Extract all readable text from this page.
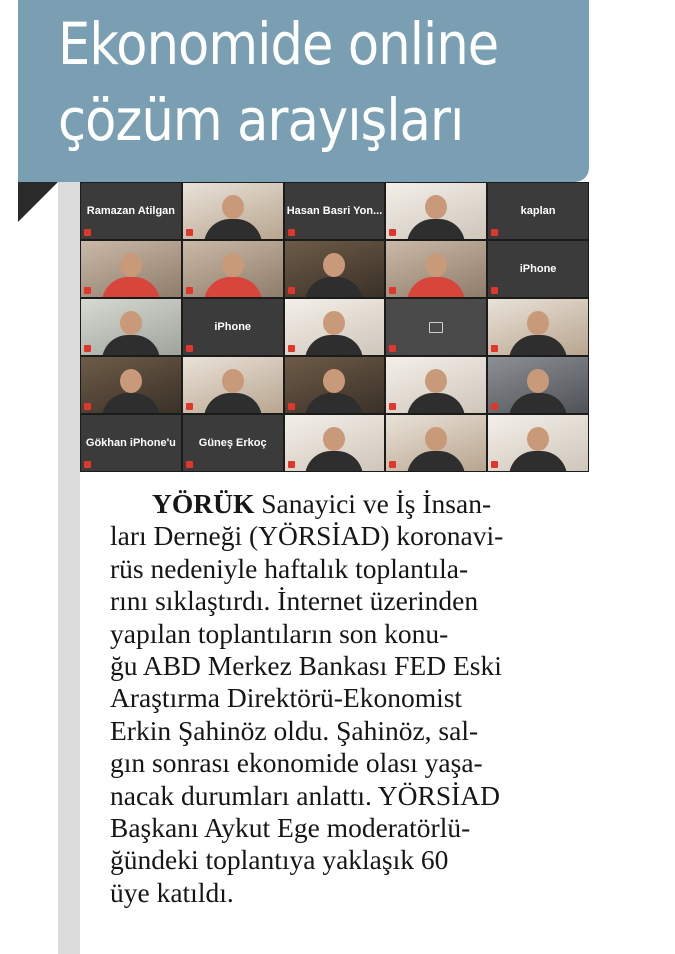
Ekonomide online
çözüm arayışları
Ramazan Atilgan	Hasan Basri Yon...	kaplan
iPhone
iPhone
Gökhan iPhone'u Güneş Erkoç
YÖRÜK Sanayici ve İş İnsan-
ları Derneği (YÖRSİAD) koronavi-
rüs nedeniyle haftalık toplantıla-
rını sıklaştırdı. İnternet üzerinden
yapılan toplantıların son konu-
ğu ABD Merkez Bankası FED Eski
Araştırma Direktörü-Ekonomist
Erkin Şahinöz oldu. Şahinöz, sal-
gın sonrası ekonomide olası yaşa-
nacak durumları anlattı. YÖRSİAD
Başkanı Aykut Ege moderatörlü-
ğündeki toplantıya yaklaşık 60
üye katıldı.
